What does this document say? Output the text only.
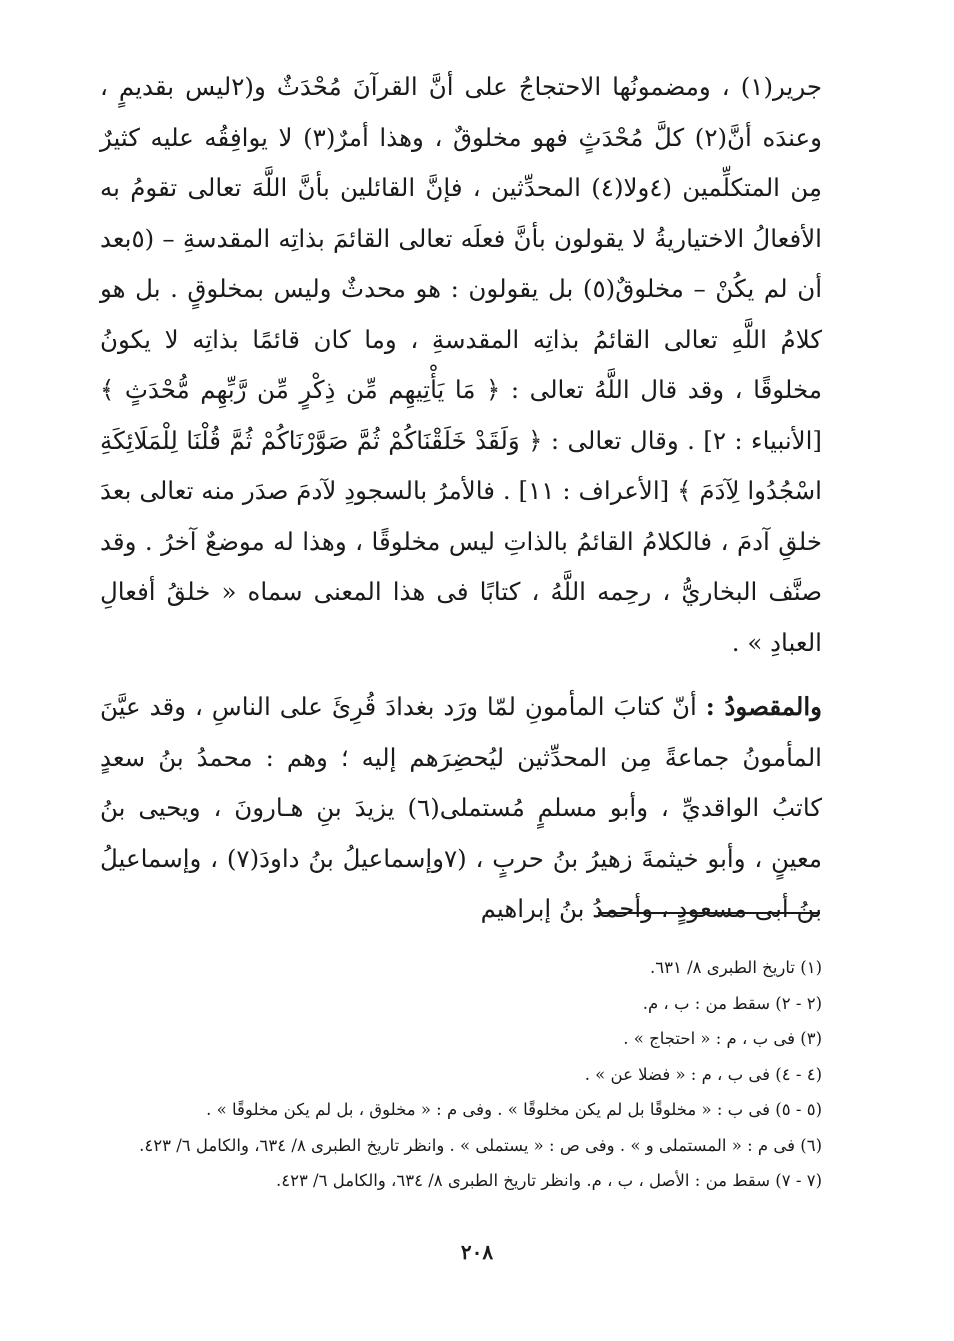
جرير(١) ، ومضمونُها الاحتجاجُ على أنَّ القرآنَ مُحْدَثٌ و(٢ليس بقديمٍ ، وعندَه أنَّ(٢) كلَّ مُحْدَثٍ فهو مخلوقٌ ، وهذا أمرٌ(٣) لا يوافِقُه عليه كثيرٌ مِن المتكلِّمين (٤ولا(٤) المحدِّثين ، فإنَّ القائلين بأنَّ اللَّهَ تعالى تقومُ به الأفعالُ الاختياريةُ لا يقولون بأنَّ فعلَه تعالى القائمَ بذاتِه المقدسةِ – (٥بعد أن لم يكُنْ – مخلوقٌ(٥) بل يقولون : هو محدثٌ وليس بمخلوقٍ . بل هو كلامُ اللَّهِ تعالى القائمُ بذاتِه المقدسةِ ، وما كان قائمًا بذاتِه لا يكونُ مخلوقًا ، وقد قال اللَّهُ تعالى : ﴿ مَا يَأْتِيهِم مِّن ذِكْرٍ مِّن رَّبِّهِم مُّحْدَثٍ ﴾ [الأنبياء : ٢] . وقال تعالى : ﴿ وَلَقَدْ خَلَقْنَاكُمْ ثُمَّ صَوَّرْنَاكُمْ ثُمَّ قُلْنَا لِلْمَلَائِكَةِ اسْجُدُوا لِآدَمَ ﴾ [الأعراف : ١١] . فالأمرُ بالسجودِ لآدمَ صدَر منه تعالى بعدَ خلقِ آدمَ ، فالكلامُ القائمُ بالذاتِ ليس مخلوقًا ، وهذا له موضعٌ آخرُ . وقد صنَّف البخاريُّ ، رحِمه اللَّهُ ، كتابًا فى هذا المعنى سماه « خلقُ أفعالِ العبادِ » .

والمقصودُ : أنّ كتابَ المأمونِ لمّا ورَد بغدادَ قُرِئَ على الناسِ ، وقد عيَّنَ المأمونُ جماعةً مِن المحدِّثين ليُحضِرَهم إليه ؛ وهم : محمدُ بنُ سعدٍ كاتبُ الواقديِّ ، وأبو مسلمٍ مُستملى(٦) يزيدَ بنِ هـارونَ ، ويحيى بنُ معينٍ ، وأبو خيثمةَ زهيرُ بنُ حربٍ ، (٧وإسماعيلُ بنُ داودَ(٧) ، وإسماعيلُ بنُ أبى مسعودٍ ، وأحمدُ بنُ إبراهيم

(١) تاريخ الطبرى ٨/ ٦٣١.
(٢ - ٢) سقط من : ب ، م.
(٣) فى ب ، م : « احتجاج » .
(٤ - ٤) فى ب ، م : « فضلا عن » .
(٥ - ٥) فى ب : « مخلوقًا بل لم يكن مخلوقًا » . وفى م : « مخلوق ، بل لم يكن مخلوقًا » .
(٦) فى م : « المستملى و » . وفى ص : « يستملى » . وانظر تاريخ الطبرى ٨/ ٦٣٤، والكامل ٦/ ٤٢٣.
(٧ - ٧) سقط من : الأصل ، ب ، م. وانظر تاريخ الطبرى ٨/ ٦٣٤، والكامل ٦/ ٤٢٣.
٢٠٨
